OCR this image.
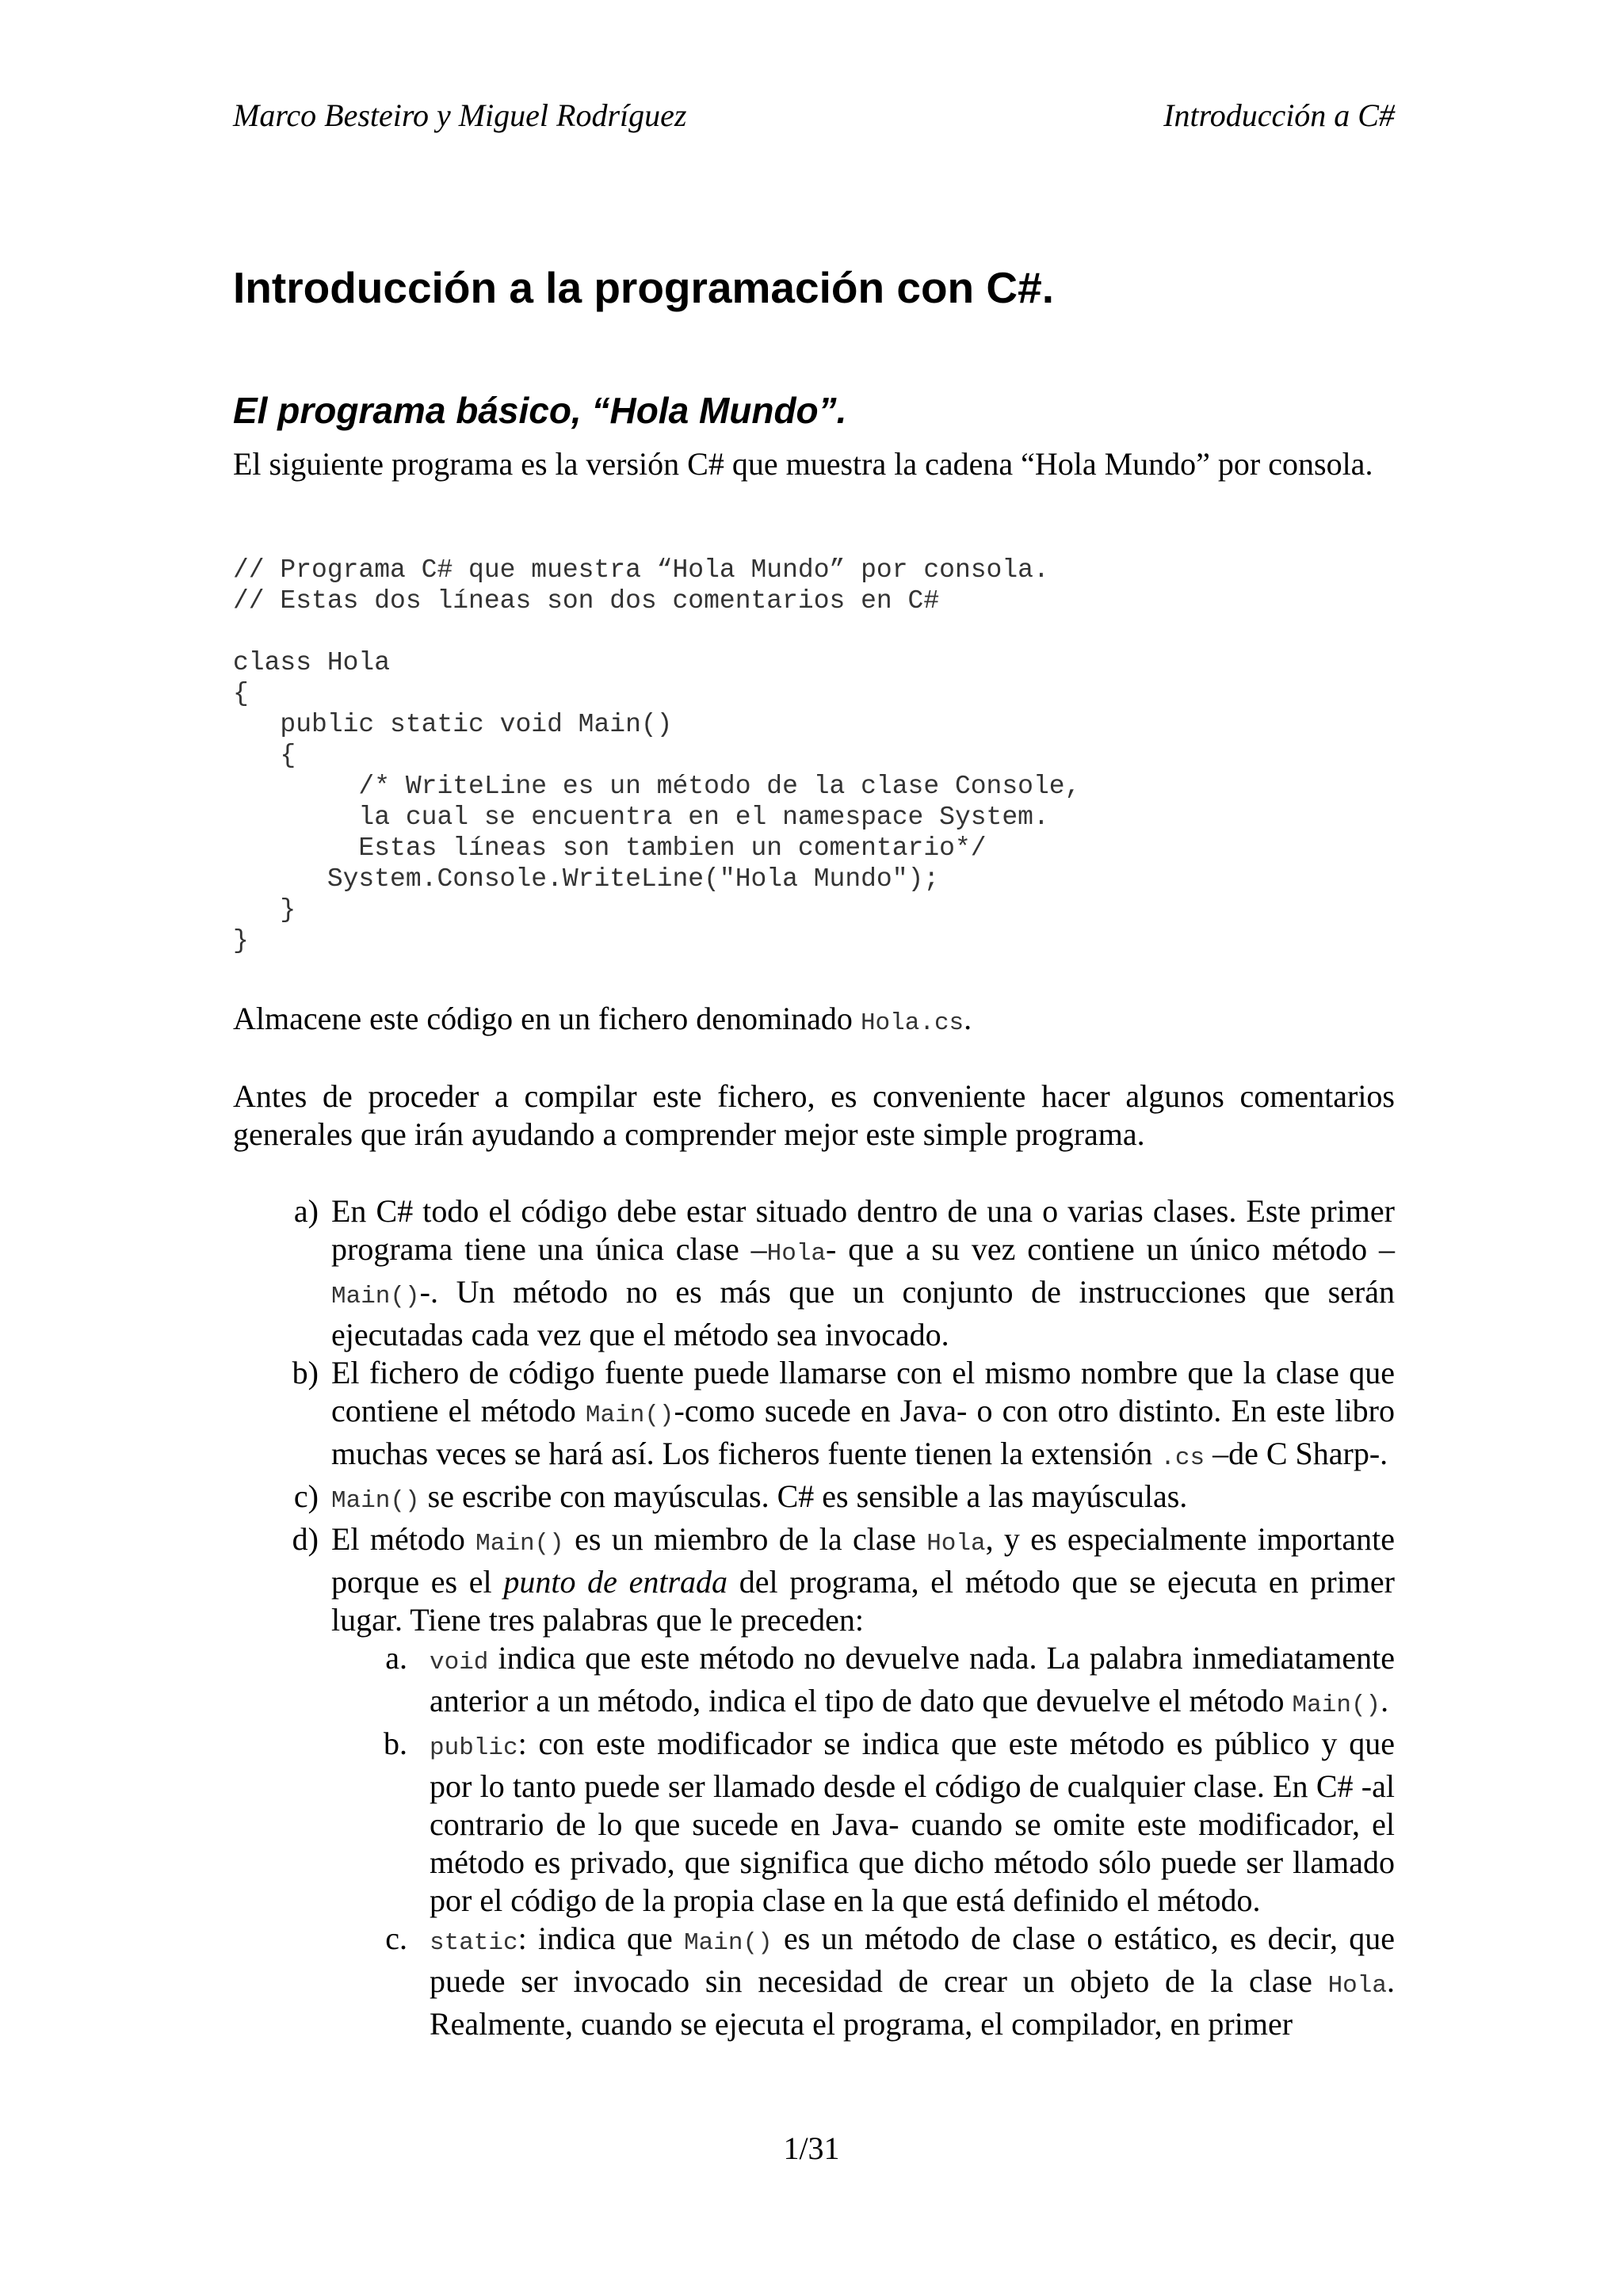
Marco Besteiro y Miguel Rodríguez	Introducción a C#
Introducción a la programación con C#.
El programa básico, “Hola Mundo”.

El siguiente programa es la versión C# que muestra la cadena “Hola Mundo” por consola.

// Programa C# que muestra “Hola Mundo” por consola.
// Estas dos líneas son dos comentarios en C#

class Hola
{
public static void Main()
{
/* WriteLine es un método de la clase Console,
la cual se encuentra en el namespace System.
Estas líneas son tambien un comentario*/
System.Console.WriteLine("Hola Mundo");
}
}

Almacene este código en un fichero denominado Hola.cs.

Antes de proceder a compilar este fichero, es conveniente hacer algunos comentarios generales que irán ayudando a comprender mejor este simple programa.

a) En C# todo el código debe estar situado dentro de una o varias clases. Este primer programa tiene una única clase –Hola- que a su vez contiene un único método –Main()-. Un método no es más que un conjunto de instrucciones que serán ejecutadas cada vez que el método sea invocado.
b) El fichero de código fuente puede llamarse con el mismo nombre que la clase que contiene el método Main()-como sucede en Java- o con otro distinto. En este libro muchas veces se hará así. Los ficheros fuente tienen la extensión .cs –de C Sharp-.
c) Main() se escribe con mayúsculas. C# es sensible a las mayúsculas.
d) El método Main() es un miembro de la clase Hola, y es especialmente importante porque es el punto de entrada del programa, el método que se ejecuta en primer lugar. Tiene tres palabras que le preceden:
a. void indica que este método no devuelve nada. La palabra inmediatamente anterior a un método, indica el tipo de dato que devuelve el método Main().
b. public: con este modificador se indica que este método es público y que por lo tanto puede ser llamado desde el código de cualquier clase. En C# -al contrario de lo que sucede en Java- cuando se omite este modificador, el método es privado, que significa que dicho método sólo puede ser llamado por el código de la propia clase en la que está definido el método.
c. static: indica que Main() es un método de clase o estático, es decir, que puede ser invocado sin necesidad de crear un objeto de la clase Hola. Realmente, cuando se ejecuta el programa, el compilador, en primer
1/31
